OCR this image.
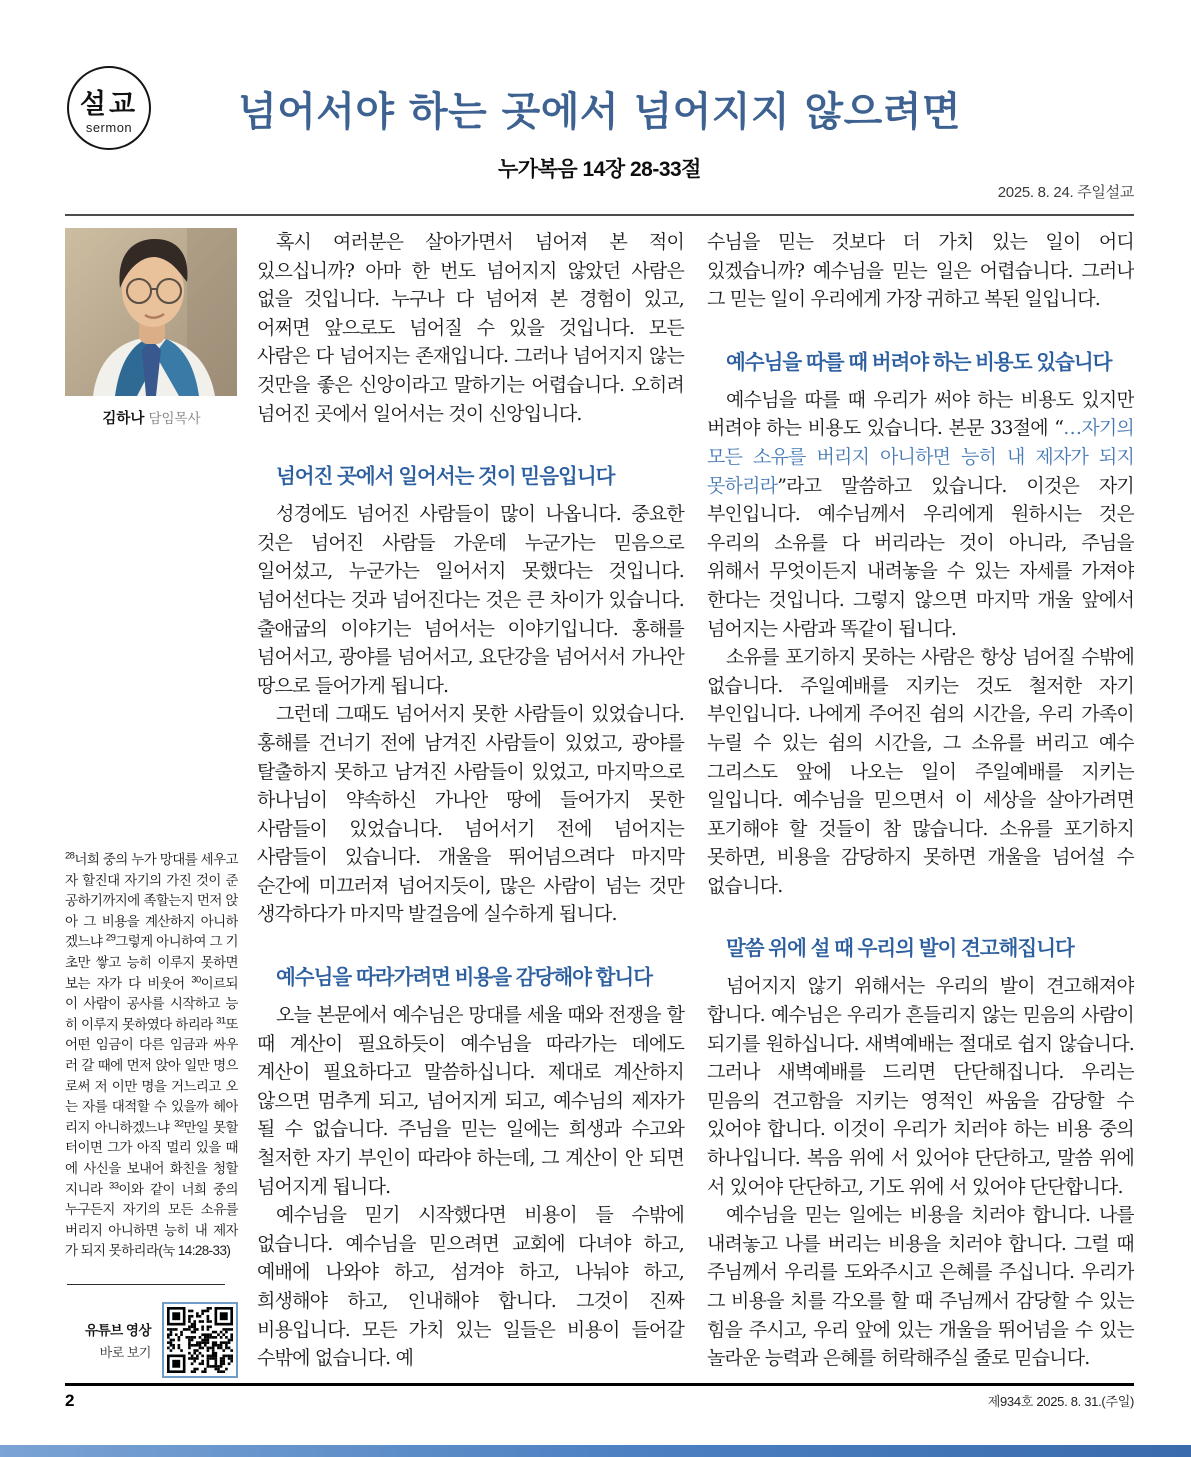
설교
sermon	넘어서야 하는 곳에서 넘어지지 않으려면
누가복음 14장 28-33절
2025. 8. 24. 주일설교
김하나 담임목사
$^{28}$너희 중의 누가 망대를 세우고자 할진대 자기의 가진 것이 준공하기까지에 족할는지 먼저 앉아 그 비용을 계산하지 아니하겠느냐 $^{29}$그렇게 아니하여 그 기초만 쌓고 능히 이루지 못하면 보는 자가 다 비웃어 $^{30}$이르되 이 사람이 공사를 시작하고 능히 이루지 못하였다 하리라 $^{31}$또 어떤 임금이 다른 임금과 싸우러 갈 때에 먼저 앉아 일만 명으로써 저 이만 명을 거느리고 오는 자를 대적할 수 있을까 헤아리지 아니하겠느냐 $^{32}$만일 못할 터이면 그가 아직 멀리 있을 때에 사신을 보내어 화친을 청할지니라 $^{33}$이와 같이 너희 중의 누구든지 자기의 모든 소유를 버리지 아니하면 능히 내 제자가 되지 못하리라(눅 14:28-33)
유튜브 영상
바로 보기

혹시 여러분은 살아가면서 넘어져 본 적이 있으십니까? 아마 한 번도 넘어지지 않았던 사람은 없을 것입니다. 누구나 다 넘어져 본 경험이 있고, 어쩌면 앞으로도 넘어질 수 있을 것입니다. 모든 사람은 다 넘어지는 존재입니다. 그러나 넘어지지 않는 것만을 좋은 신앙이라고 말하기는 어렵습니다. 오히려 넘어진 곳에서 일어서는 것이 신앙입니다.

넘어진 곳에서 일어서는 것이 믿음입니다

성경에도 넘어진 사람들이 많이 나옵니다. 중요한 것은 넘어진 사람들 가운데 누군가는 믿음으로 일어섰고, 누군가는 일어서지 못했다는 것입니다. 넘어선다는 것과 넘어진다는 것은 큰 차이가 있습니다. 출애굽의 이야기는 넘어서는 이야기입니다. 홍해를 넘어서고, 광야를 넘어서고, 요단강을 넘어서서 가나안 땅으로 들어가게 됩니다.

그런데 그때도 넘어서지 못한 사람들이 있었습니다. 홍해를 건너기 전에 남겨진 사람들이 있었고, 광야를 탈출하지 못하고 남겨진 사람들이 있었고, 마지막으로 하나님이 약속하신 가나안 땅에 들어가지 못한 사람들이 있었습니다. 넘어서기 전에 넘어지는 사람들이 있습니다. 개울을 뛰어넘으려다 마지막 순간에 미끄러져 넘어지듯이, 많은 사람이 넘는 것만 생각하다가 마지막 발걸음에 실수하게 됩니다.

예수님을 따라가려면 비용을 감당해야 합니다

오늘 본문에서 예수님은 망대를 세울 때와 전쟁을 할 때 계산이 필요하듯이 예수님을 따라가는 데에도 계산이 필요하다고 말씀하십니다. 제대로 계산하지 않으면 멈추게 되고, 넘어지게 되고, 예수님의 제자가 될 수 없습니다. 주님을 믿는 일에는 희생과 수고와 철저한 자기 부인이 따라야 하는데, 그 계산이 안 되면 넘어지게 됩니다.

예수님을 믿기 시작했다면 비용이 들 수밖에 없습니다. 예수님을 믿으려면 교회에 다녀야 하고, 예배에 나와야 하고, 섬겨야 하고, 나눠야 하고, 희생해야 하고, 인내해야 합니다. 그것이 진짜 비용입니다. 모든 가치 있는 일들은 비용이 들어갈 수밖에 없습니다. 예

수님을 믿는 것보다 더 가치 있는 일이 어디 있겠습니까? 예수님을 믿는 일은 어렵습니다. 그러나 그 믿는 일이 우리에게 가장 귀하고 복된 일입니다.

예수님을 따를 때 버려야 하는 비용도 있습니다

예수님을 따를 때 우리가 써야 하는 비용도 있지만 버려야 하는 비용도 있습니다. 본문 33절에 “…자기의 모든 소유를 버리지 아니하면 능히 내 제자가 되지 못하리라”라고 말씀하고 있습니다. 이것은 자기 부인입니다. 예수님께서 우리에게 원하시는 것은 우리의 소유를 다 버리라는 것이 아니라, 주님을 위해서 무엇이든지 내려놓을 수 있는 자세를 가져야 한다는 것입니다. 그렇지 않으면 마지막 개울 앞에서 넘어지는 사람과 똑같이 됩니다.

소유를 포기하지 못하는 사람은 항상 넘어질 수밖에 없습니다. 주일예배를 지키는 것도 철저한 자기 부인입니다. 나에게 주어진 쉼의 시간을, 우리 가족이 누릴 수 있는 쉼의 시간을, 그 소유를 버리고 예수 그리스도 앞에 나오는 일이 주일예배를 지키는 일입니다. 예수님을 믿으면서 이 세상을 살아가려면 포기해야 할 것들이 참 많습니다. 소유를 포기하지 못하면, 비용을 감당하지 못하면 개울을 넘어설 수 없습니다.

말씀 위에 설 때 우리의 발이 견고해집니다

넘어지지 않기 위해서는 우리의 발이 견고해져야 합니다. 예수님은 우리가 흔들리지 않는 믿음의 사람이 되기를 원하십니다. 새벽예배는 절대로 쉽지 않습니다. 그러나 새벽예배를 드리면 단단해집니다. 우리는 믿음의 견고함을 지키는 영적인 싸움을 감당할 수 있어야 합니다. 이것이 우리가 치러야 하는 비용 중의 하나입니다. 복음 위에 서 있어야 단단하고, 말씀 위에 서 있어야 단단하고, 기도 위에 서 있어야 단단합니다.

예수님을 믿는 일에는 비용을 치러야 합니다. 나를 내려놓고 나를 버리는 비용을 치러야 합니다. 그럴 때 주님께서 우리를 도와주시고 은혜를 주십니다. 우리가 그 비용을 치를 각오를 할 때 주님께서 감당할 수 있는 힘을 주시고, 우리 앞에 있는 개울을 뛰어넘을 수 있는 놀라운 능력과 은혜를 허락해주실 줄로 믿습니다.

2	제934호 2025. 8. 31.(주일)
